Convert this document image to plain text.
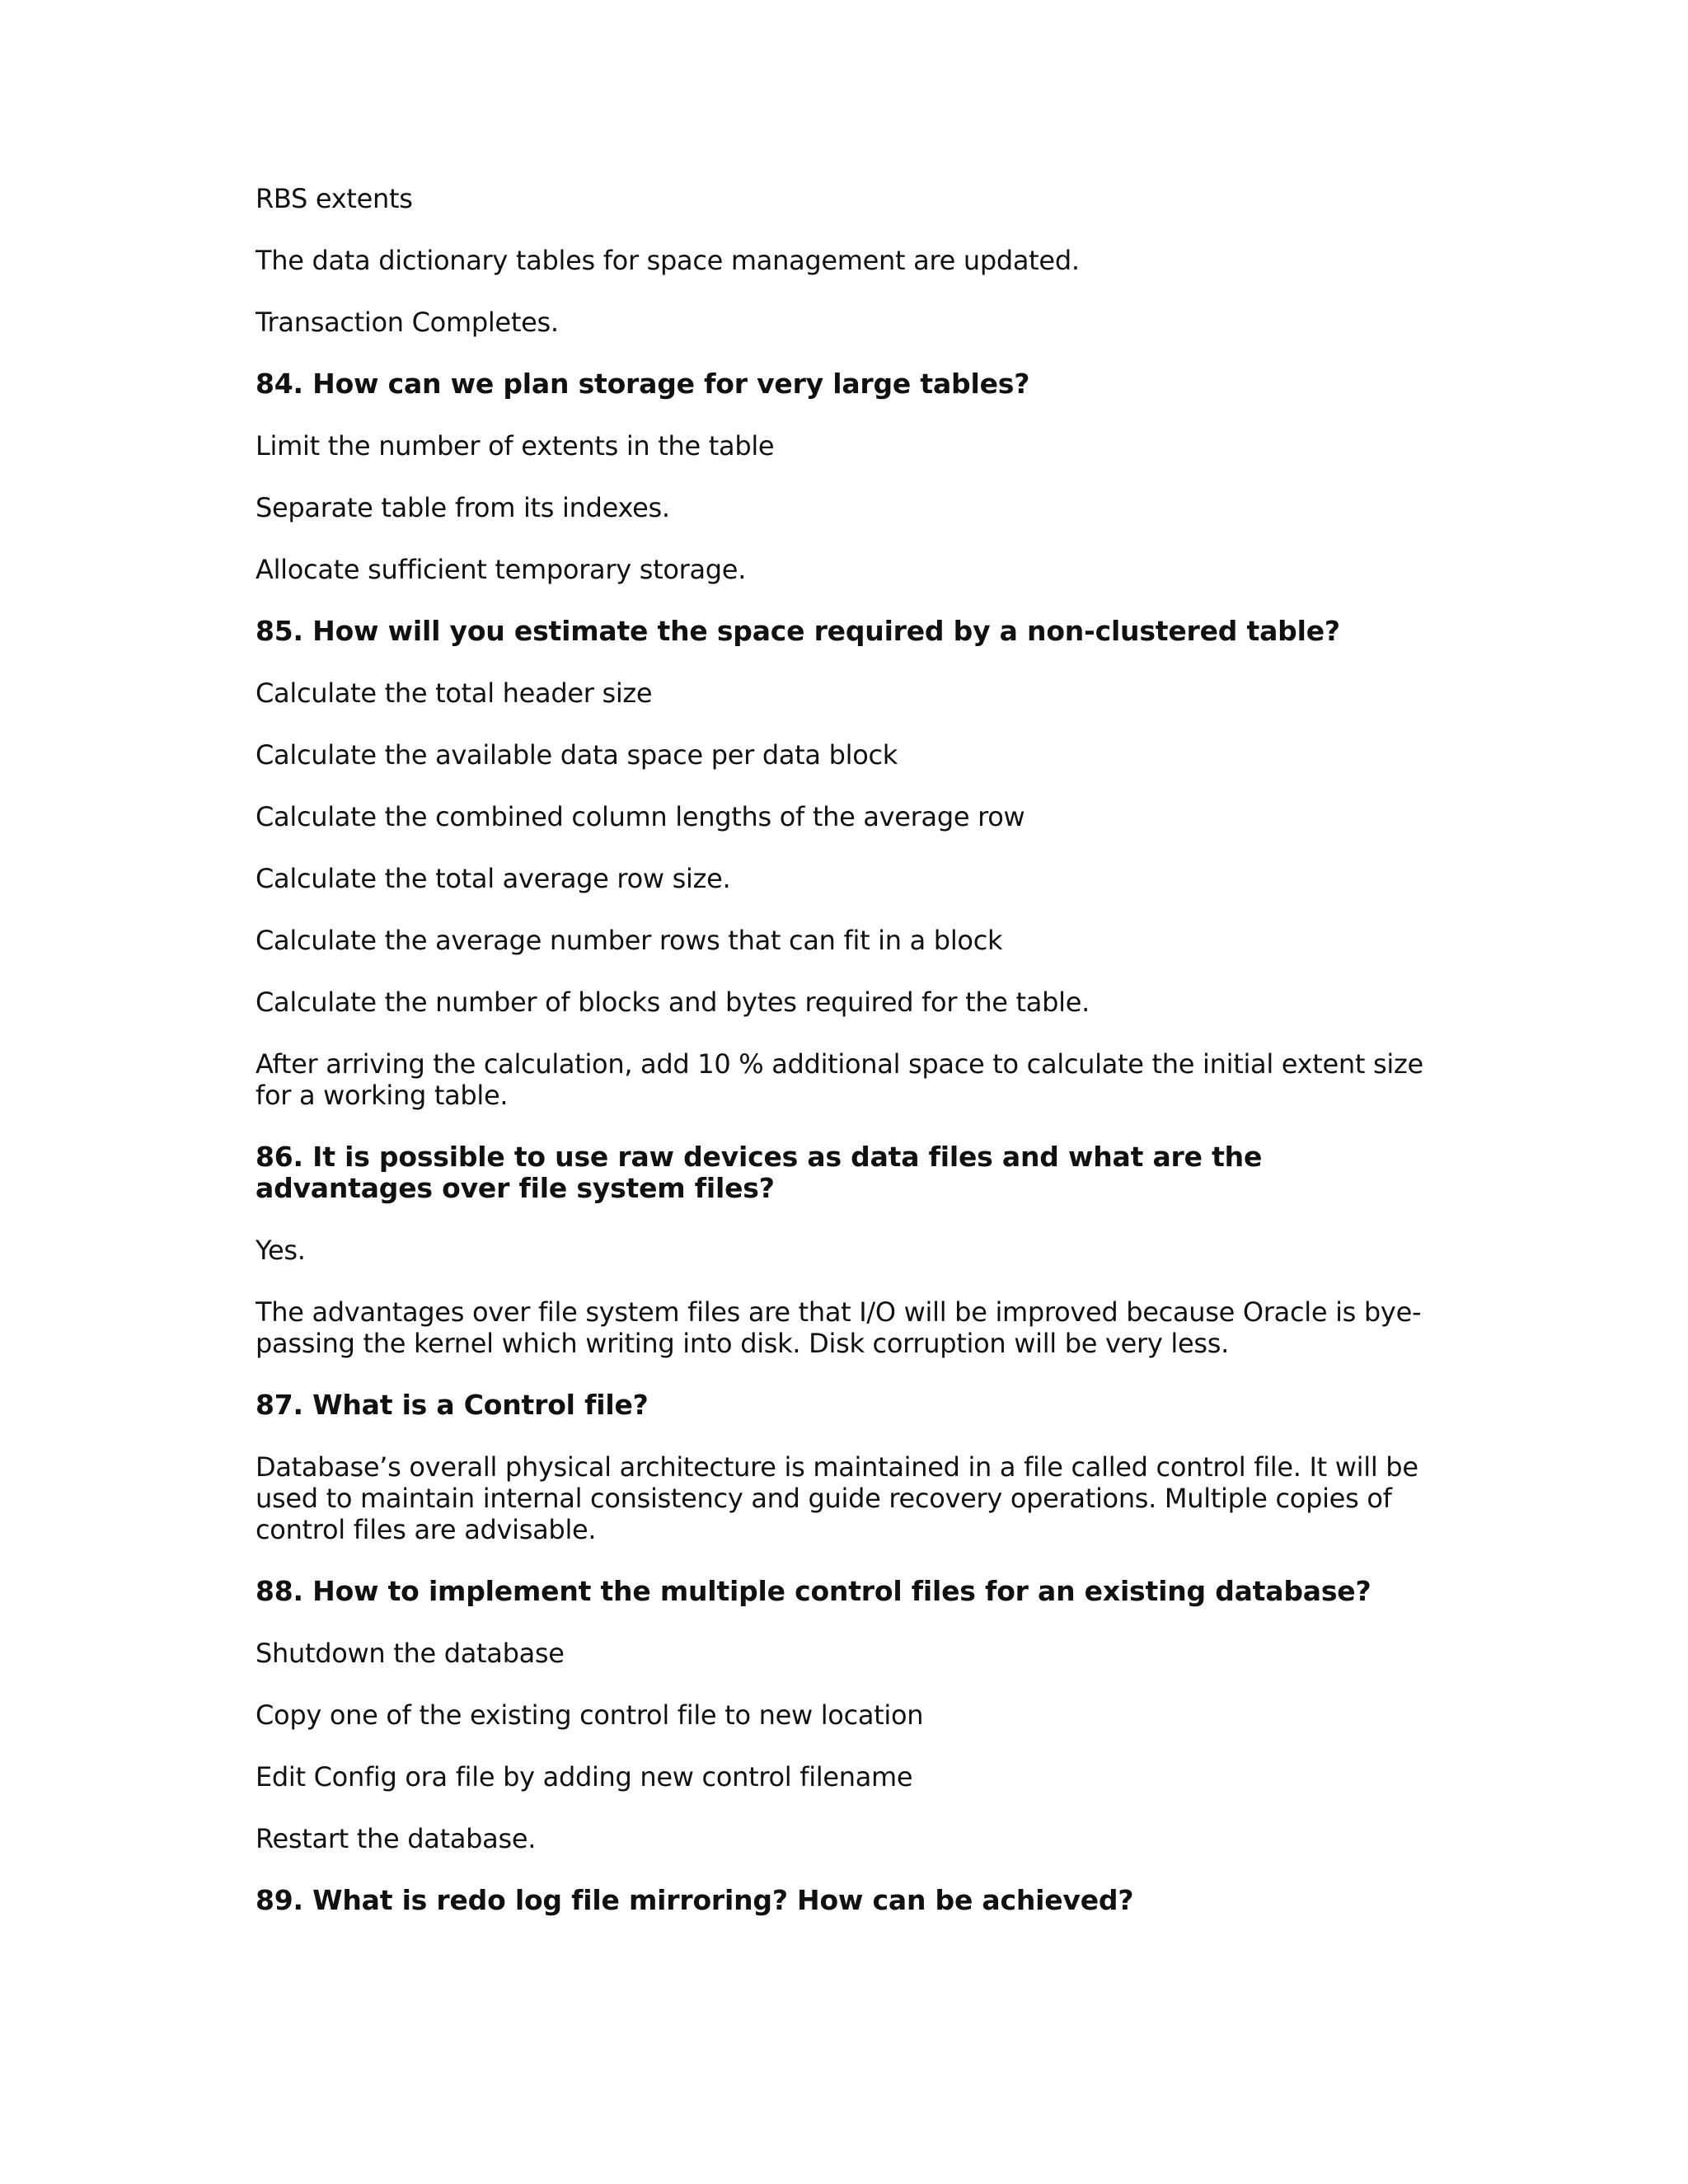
RBS extents

The data dictionary tables for space management are updated.

Transaction Completes.

84. How can we plan storage for very large tables?

Limit the number of extents in the table

Separate table from its indexes.

Allocate sufficient temporary storage.

85. How will you estimate the space required by a non-clustered table?

Calculate the total header size

Calculate the available data space per data block

Calculate the combined column lengths of the average row

Calculate the total average row size.

Calculate the average number rows that can fit in a block

Calculate the number of blocks and bytes required for the table.

After arriving the calculation, add 10 % additional space to calculate the initial extent size for a working table.

86. It is possible to use raw devices as data files and what are the advantages over file system files?

Yes.

The advantages over file system files are that I/O will be improved because Oracle is bye-passing the kernel which writing into disk. Disk corruption will be very less.

87. What is a Control file?

Database’s overall physical architecture is maintained in a file called control file. It will be used to maintain internal consistency and guide recovery operations. Multiple copies of control files are advisable.

88. How to implement the multiple control files for an existing database?

Shutdown the database

Copy one of the existing control file to new location

Edit Config ora file by adding new control filename

Restart the database.

89. What is redo log file mirroring? How can be achieved?
